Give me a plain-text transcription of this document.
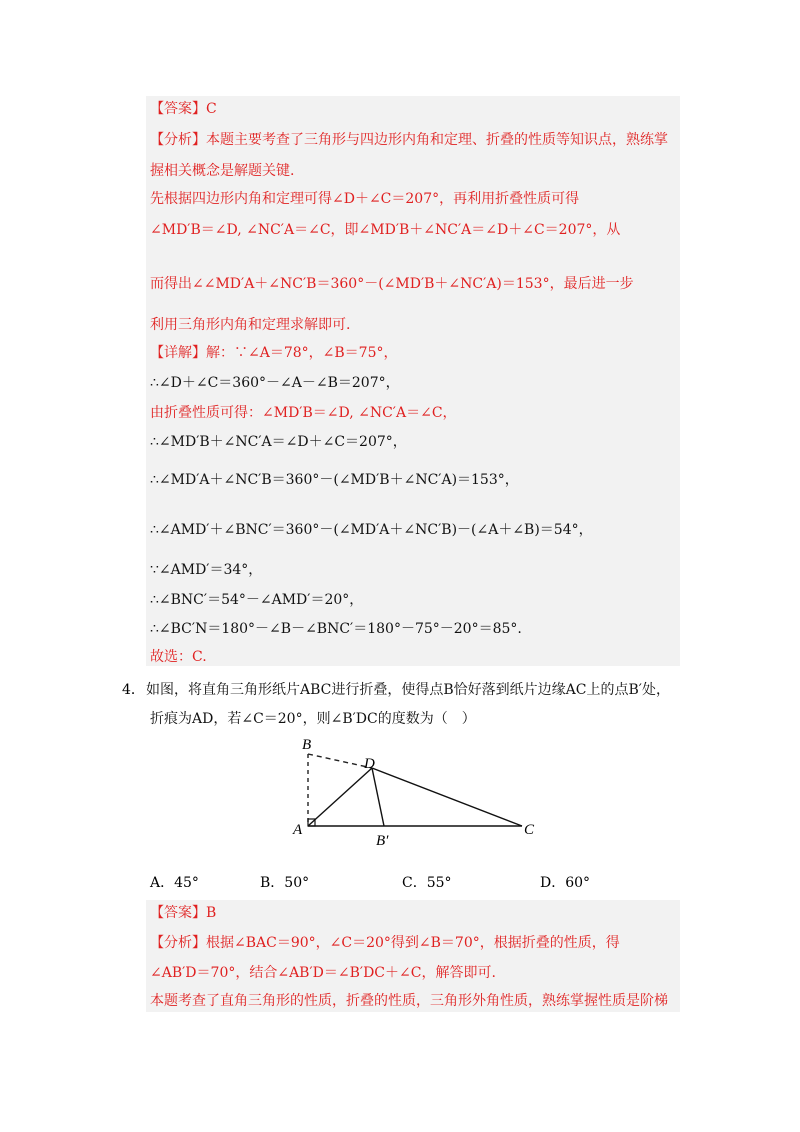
【答案】C
【分析】本题主要考查了三角形与四边形内角和定理、折叠的性质等知识点，熟练掌
握相关概念是解题关键.
先根据四边形内角和定理可得∠D＋∠C＝207°，再利用折叠性质可得
∠MD′B＝∠D, ∠NC′A＝∠C，即∠MD′B＋∠NC′A＝∠D＋∠C＝207°，从
而得出∠∠MD′A＋∠NC′B＝360°－(∠MD′B＋∠NC′A)＝153°，最后进一步
利用三角形内角和定理求解即可.
【详解】解：∵∠A＝78°，∠B＝75°，
∴∠D＋∠C＝360°－∠A－∠B＝207°，
由折叠性质可得：∠MD′B＝∠D, ∠NC′A＝∠C，
∴∠MD′B＋∠NC′A＝∠D＋∠C＝207°，
∴∠MD′A＋∠NC′B＝360°－(∠MD′B＋∠NC′A)＝153°，
∴∠AMD′＋∠BNC′＝360°－(∠MD′A＋∠NC′B)－(∠A＋∠B)＝54°，
∵∠AMD′＝34°，
∴∠BNC′＝54°－∠AMD′＝20°，
∴∠BC′N＝180°－∠B－∠BNC′＝180°－75°－20°＝85°.
故选：C.
4． 如图，将直角三角形纸片ABC进行折叠，使得点B恰好落到纸片边缘AC上的点B′处，
折痕为AD，若∠C＝20°，则∠B′DC的度数为（　）
B
D
A
B′
C
A．45°	B．50°	C．55°	D．60°
【答案】B
【分析】根据∠BAC＝90°，∠C＝20°得到∠B＝70°，根据折叠的性质，得
∠AB′D＝70°，结合∠AB′D＝∠B′DC＋∠C，解答即可.
本题考查了直角三角形的性质，折叠的性质，三角形外角性质，熟练掌握性质是阶梯
